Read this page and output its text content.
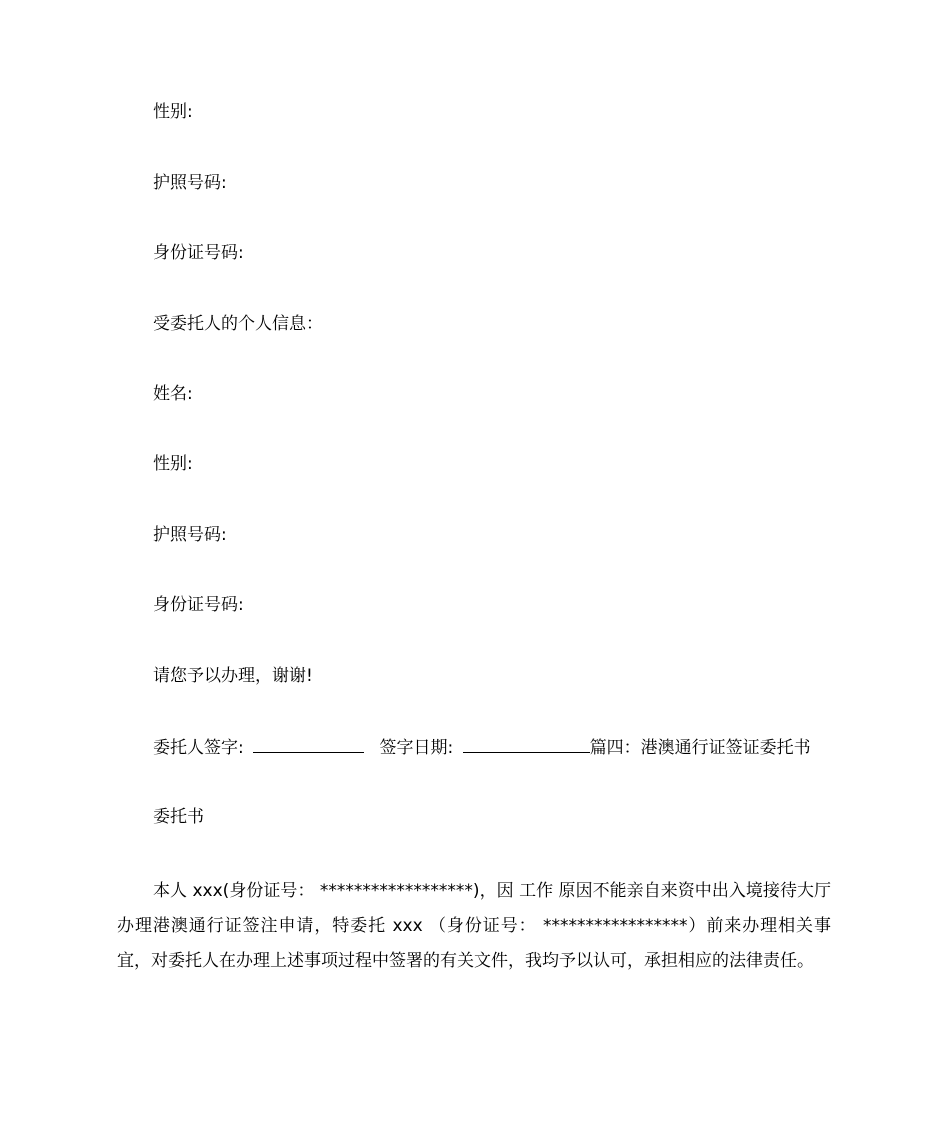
性别:
护照号码:
身份证号码:
受委托人的个人信息：
姓名:
性别:
护照号码:
身份证号码:
请您予以办理，谢谢!
委托人签字:	签字日期:	篇四：港澳通行证签证委托书
委托书
本人 xxx(身份证号： ******************)，因 工作 原因不能亲自来资中出入境接待大厅办理港澳通行证签注申请，特委托 xxx （身份证号： *****************）前来办理相关事宜，对委托人在办理上述事项过程中签署的有关文件，我均予以认可，承担相应的法律责任。
